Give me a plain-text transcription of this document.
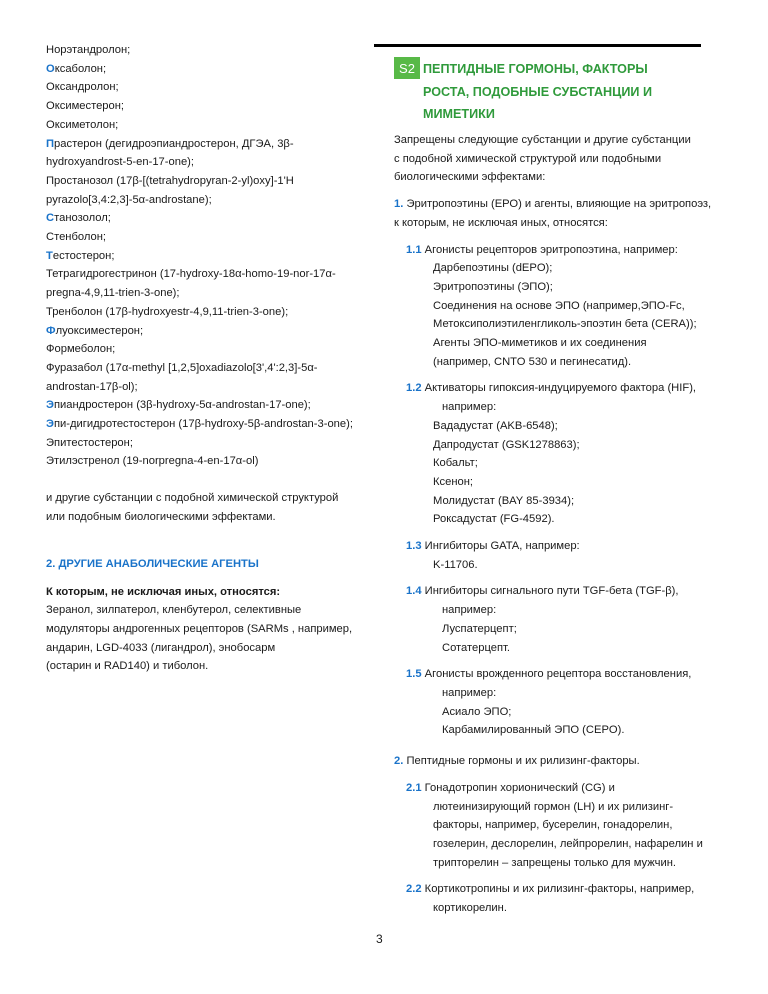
Норэтандролон;
Оксаболон;
Оксандролон;
Оксиместерон;
Оксиметолон;
Прастерон (дегидроэпиандростерон, ДГЭА, 3β-
hydroxyandrost-5-en-17-one);
Простанозол (17β-[(tetrahydropyran-2-yl)oxy]-1'H
pyrazolo[3,4:2,3]-5α-androstane);
Станозолол;
Стенболон;
Тестостерон;
Тетрагидрогестринон (17-hydroxy-18α-homo-19-nor-17α-
pregna-4,9,11-trien-3-one);
Тренболон (17β-hydroxyestr-4,9,11-trien-3-one);
Флуоксиместерон;
Формеболон;
Фуразабол (17α-methyl [1,2,5]oxadiazolo[3',4':2,3]-5α-
androstan-17β-ol);
Эпиандростерон (3β-hydroxy-5α-androstan-17-one);
Эпи-дигидротестостерон (17β-hydroxy-5β-androstan-3-one);
Эпитестостерон;
Этилэстренол (19-norpregna-4-en-17α-ol)
и другие субстанции с подобной химической структурой
или подобным биологическими эффектами.
2. ДРУГИЕ АНАБОЛИЧЕСКИЕ АГЕНТЫ
К которым, не исключая иных, относятся:
Зеранол, зилпатерол, кленбутерол, селективные
модуляторы андрогенных рецепторов (SARMs , например,
андарин, LGD-4033 (лигандрол), энобосарм
(остарин и RAD140) и тиболон.
S2 ПЕПТИДНЫЕ ГОРМОНЫ, ФАКТОРЫ
РОСТА, ПОДОБНЫЕ СУБСТАНЦИИ И
МИМЕТИКИ
Запрещены следующие субстанции и другие субстанции
с подобной химической структурой или подобными
биологическими эффектами:
1. Эритропоэтины (ЕРО) и агенты, влияющие на эритропоэз,
к которым, не исключая иных, относятся:
1.1 Агонисты рецепторов эритропоэтина, например:
Дарбепоэтины (dEPO);
Эритропоэтины (ЭПО);
Соединения на основе ЭПО (например,ЭПО-Fc,
Метоксиполиэтиленгликоль-эпоэтин бета (CERA));
Агенты ЭПО-миметиков и их соединения
(например, CNTO 530 и пегинесатид).
1.2 Активаторы гипоксия-индуцируемого фактора (HIF),
например:
Вададустат (AKB-6548);
Дапродустат (GSK1278863);
Кобальт;
Ксенон;
Молидустат (BAY 85-3934);
Роксадустат (FG-4592).
1.3 Ингибиторы GATA, например:
K-11706.
1.4 Ингибиторы сигнального пути TGF-бета (TGF-β),
например:
Луспатерцепт;
Сотатерцепт.
1.5 Агонисты врожденного рецептора восстановления,
например:
Асиало ЭПО;
Карбамилированный ЭПО (CEPO).
2. Пептидные гормоны и их рилизинг-факторы.
2.1 Гонадотропин хорионический (CG) и
лютеинизирующий гормон (LH) и их рилизинг-
факторы, например, бусерелин, гонадорелин,
гозелерин, деслорелин, лейпрорелин, нафарелин и
трипторелин – запрещены только для мужчин.
2.2 Кортикотропины и их рилизинг-факторы, например,
кортикорелин.
3
